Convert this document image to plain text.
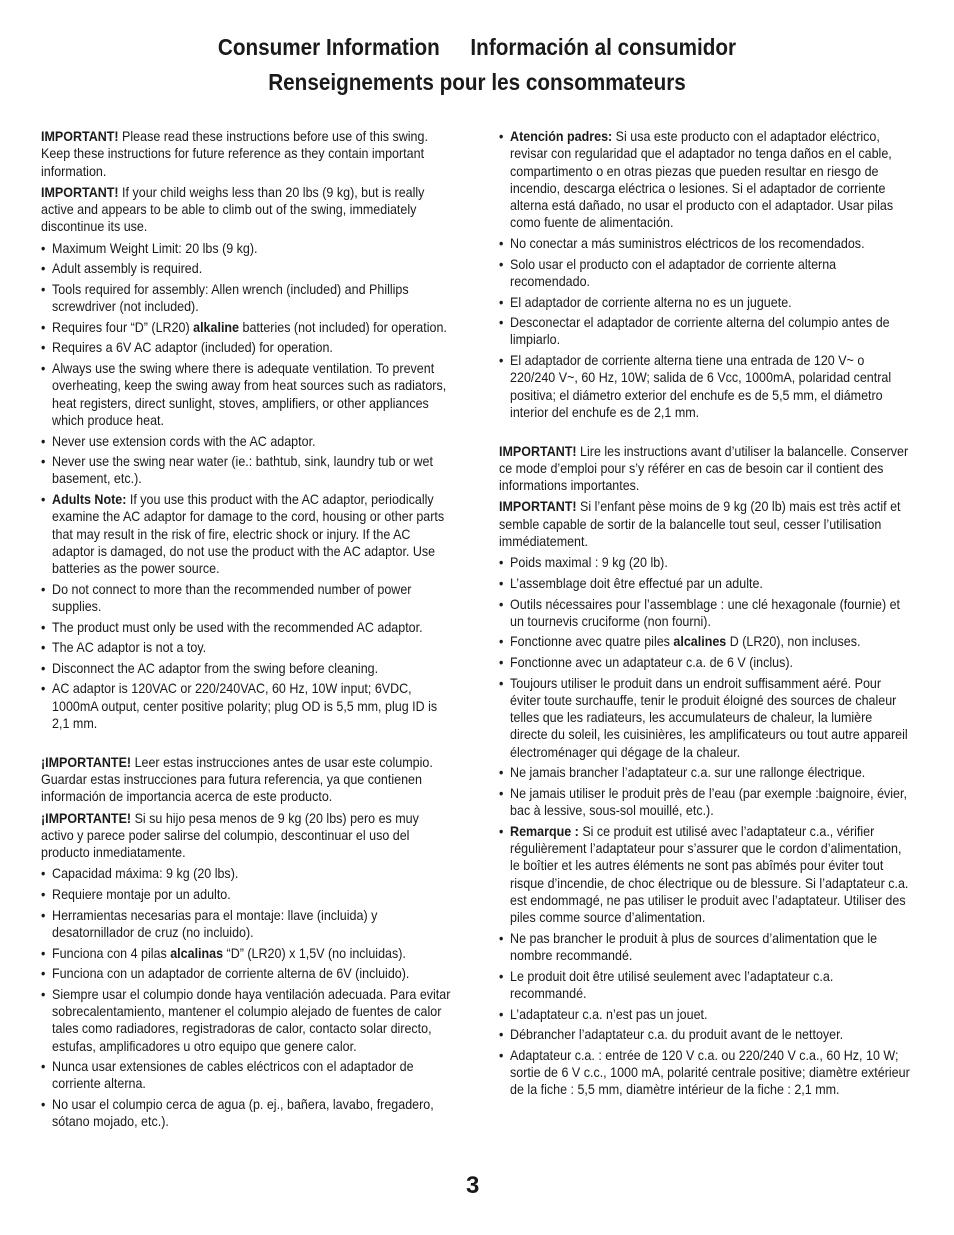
Consumer Information Información al consumidor
Renseignements pour les consommateurs

IMPORTANT! Please read these instructions before use of this swing. Keep these instructions for future reference as they contain important information.

IMPORTANT! If your child weighs less than 20 lbs (9 kg), but is really active and appears to be able to climb out of the swing, immediately discontinue its use.

• Maximum Weight Limit: 20 lbs (9 kg).
• Adult assembly is required.
• Tools required for assembly: Allen wrench (included) and Phillips screwdriver (not included).
• Requires four “D” (LR20) alkaline batteries (not included) for operation.
• Requires a 6V AC adaptor (included) for operation.
• Always use the swing where there is adequate ventilation. To prevent overheating, keep the swing away from heat sources such as radiators, heat registers, direct sunlight, stoves, amplifiers, or other appliances which produce heat.
• Never use extension cords with the AC adaptor.
• Never use the swing near water (ie.: bathtub, sink, laundry tub or wet basement, etc.).
• Adults Note: If you use this product with the AC adaptor, periodically examine the AC adaptor for damage to the cord, housing or other parts that may result in the risk of fire, electric shock or injury. If the AC adaptor is damaged, do not use the product with the AC adaptor. Use batteries as the power source.
• Do not connect to more than the recommended number of power supplies.
• The product must only be used with the recommended AC adaptor.
• The AC adaptor is not a toy.
• Disconnect the AC adaptor from the swing before cleaning.
• AC adaptor is 120VAC or 220/240VAC, 60 Hz, 10W input; 6VDC, 1000mA output, center positive polarity; plug OD is 5,5 mm, plug ID is 2,1 mm.

¡IMPORTANTE! Leer estas instrucciones antes de usar este columpio. Guardar estas instrucciones para futura referencia, ya que contienen información de importancia acerca de este producto.

¡IMPORTANTE! Si su hijo pesa menos de 9 kg (20 lbs) pero es muy activo y parece poder salirse del columpio, descontinuar el uso del producto inmediatamente.

• Capacidad máxima: 9 kg (20 lbs).
• Requiere montaje por un adulto.
• Herramientas necesarias para el montaje: llave (incluida) y desatornillador de cruz (no incluido).
• Funciona con 4 pilas alcalinas “D” (LR20) x 1,5V (no incluidas).
• Funciona con un adaptador de corriente alterna de 6V (incluido).
• Siempre usar el columpio donde haya ventilación adecuada. Para evitar sobrecalentamiento, mantener el columpio alejado de fuentes de calor tales como radiadores, registradoras de calor, contacto solar directo, estufas, amplificadores u otro equipo que genere calor.
• Nunca usar extensiones de cables eléctricos con el adaptador de corriente alterna.
• No usar el columpio cerca de agua (p. ej., bañera, lavabo, fregadero, sótano mojado, etc.).
• Atención padres: Si usa este producto con el adaptador eléctrico, revisar con regularidad que el adaptador no tenga daños en el cable, compartimento o en otras piezas que pueden resultar en riesgo de incendio, descarga eléctrica o lesiones. Si el adaptador de corriente alterna está dañado, no usar el producto con el adaptador. Usar pilas como fuente de alimentación.
• No conectar a más suministros eléctricos de los recomendados.
• Solo usar el producto con el adaptador de corriente alterna recomendado.
• El adaptador de corriente alterna no es un juguete.
• Desconectar el adaptador de corriente alterna del columpio antes de limpiarlo.
• El adaptador de corriente alterna tiene una entrada de 120 V~ o 220/240 V~, 60 Hz, 10W; salida de 6 Vcc, 1000mA, polaridad central positiva; el diámetro exterior del enchufe es de 5,5 mm, el diámetro interior del enchufe es de 2,1 mm.

IMPORTANT! Lire les instructions avant d’utiliser la balancelle. Conserver ce mode d’emploi pour s’y référer en cas de besoin car il contient des informations importantes.

IMPORTANT! Si l’enfant pèse moins de 9 kg (20 lb) mais est très actif et semble capable de sortir de la balancelle tout seul, cesser l’utilisation immédiatement.

• Poids maximal : 9 kg (20 lb).
• L’assemblage doit être effectué par un adulte.
• Outils nécessaires pour l’assemblage : une clé hexagonale (fournie) et un tournevis cruciforme (non fourni).
• Fonctionne avec quatre piles alcalines D (LR20), non incluses.
• Fonctionne avec un adaptateur c.a. de 6 V (inclus).
• Toujours utiliser le produit dans un endroit suffisamment aéré. Pour éviter toute surchauffe, tenir le produit éloigné des sources de chaleur telles que les radiateurs, les accumulateurs de chaleur, la lumière directe du soleil, les cuisinières, les amplificateurs ou tout autre appareil électroménager qui dégage de la chaleur.
• Ne jamais brancher l’adaptateur c.a. sur une rallonge électrique.
• Ne jamais utiliser le produit près de l’eau (par exemple :baignoire, évier, bac à lessive, sous-sol mouillé, etc.).
• Remarque : Si ce produit est utilisé avec l’adaptateur c.a., vérifier régulièrement l’adaptateur pour s’assurer que le cordon d’alimentation, le boîtier et les autres éléments ne sont pas abîmés pour éviter tout risque d’incendie, de choc électrique ou de blessure. Si l’adaptateur c.a. est endommagé, ne pas utiliser le produit avec l’adaptateur. Utiliser des piles comme source d’alimentation.
• Ne pas brancher le produit à plus de sources d’alimentation que le nombre recommandé.
• Le produit doit être utilisé seulement avec l’adaptateur c.a. recommandé.
• L’adaptateur c.a. n’est pas un jouet.
• Débrancher l’adaptateur c.a. du produit avant de le nettoyer.
• Adaptateur c.a. : entrée de 120 V c.a. ou 220/240 V c.a., 60 Hz, 10 W; sortie de 6 V c.c., 1000 mA, polarité centrale positive; diamètre extérieur de la fiche : 5,5 mm, diamètre intérieur de la fiche : 2,1 mm.
3
